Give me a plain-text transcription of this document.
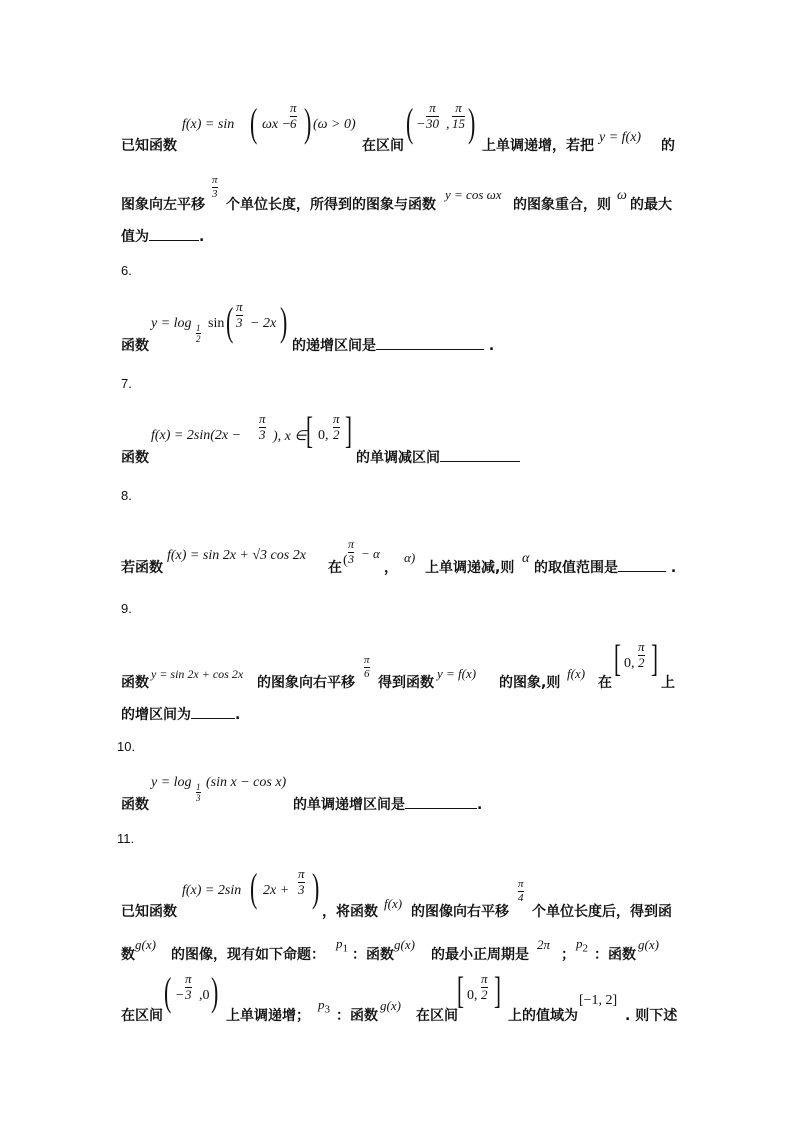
已知函数
f(x) = sin ( ωx −
π
6 ) (ω > 0)
在区间
( −
π
30 ,
π
15 )
上单调递增，若把
y = f(x)
的
图象向左平移
π
3
个单位长度，所得到的图象与函数
y = cos ωx
的图象重合，则
ω
的最大
值为	.
6.
函数
y = log 1
2
sin ( π
3 − 2x )
的递增区间是	.
7.
函数
f(x) = 2sin(2x −
π
3 ), x ∈ [ 0,
π
2 ]
的单调减区间
8.
若函数
f(x) = sin 2x + √3 cos 2x
在 (
π
3 − α
，
α)
上单调递减,则
α
的取值范围是	.
9.
函数
y = sin 2x + cos 2x
的图象向右平移
π
6
得到函数
y = f(x)
的图象,则
f(x)
在
[ 0,
π
2 ]
上
的增区间为	.
10.
函数
y = log 1
3
(sin x − cos x)
的单调递增区间是	.
11.
已知函数
f(x) = 2sin ( 2x +
π
3 )
，将函数
f(x)
的图像向右平移
π
4
个单位长度后，得到函
数
g(x)
的图像，现有如下命题：
$p_1$ ：函数
g(x)
的最小正周期是
2π
；
$p_2$ ：函数
g(x)
在区间
( −
π
3 ,0 )
上单调递增；
$p_3$ ：函数
g(x)
在区间
[ 0,
π
2 ]
上的值域为
[−1, 2]
. 则下述
